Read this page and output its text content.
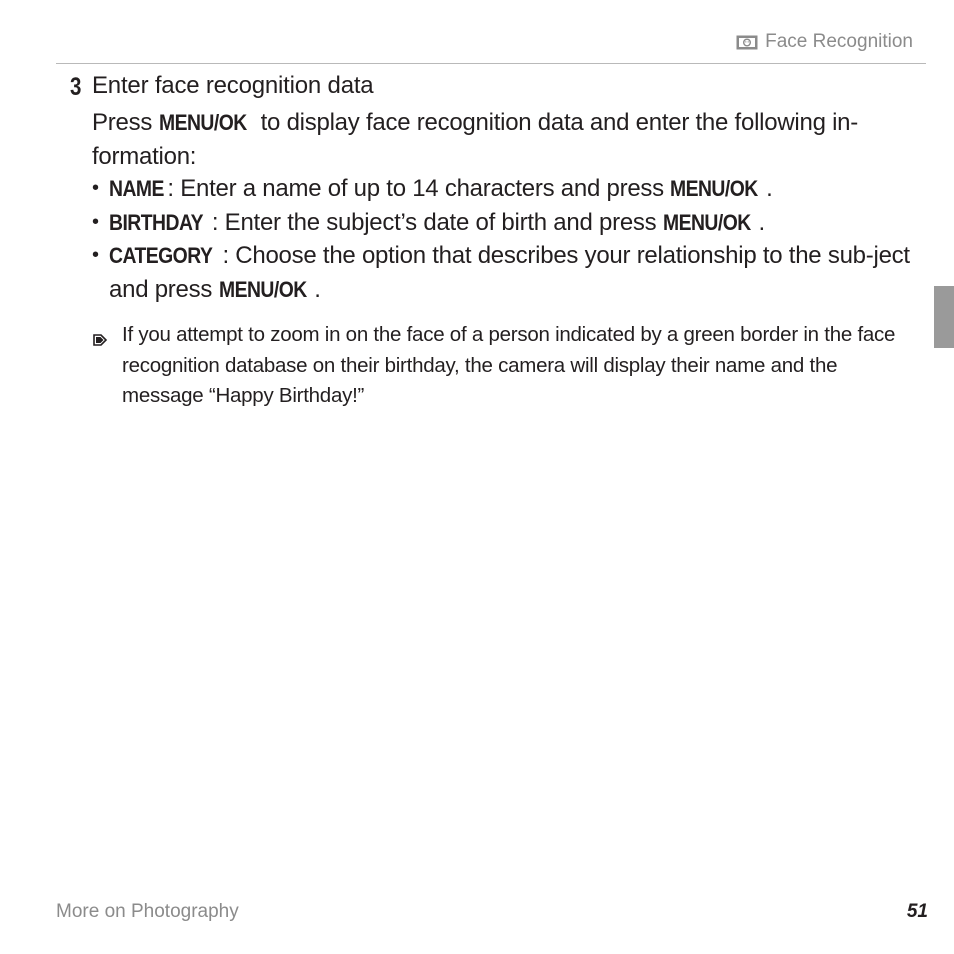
Face Recognition
3 Enter face recognition data
Press MENU/OK to display face recognition data and enter the following in-formation:
• NAME : Enter a name of up to 14 characters and press MENU/OK .
• BIRTHDAY : Enter the subject’s date of birth and press MENU/OK .
• CATEGORY : Choose the option that describes your relationship to the sub-ject and press MENU/OK .
If you attempt to zoom in on the face of a person indicated by a green border in the face recognition database on their birthday, the camera will display their name and the message “Happy Birthday!”
More on Photography	51
